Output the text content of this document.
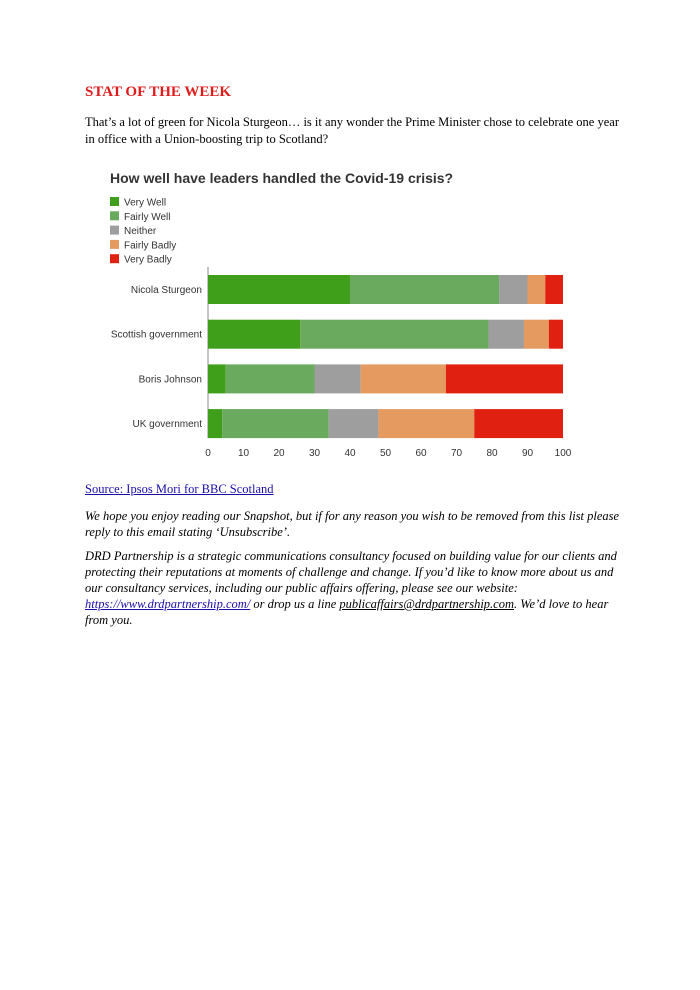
STAT OF THE WEEK

That’s a lot of green for Nicola Sturgeon… is it any wonder the Prime Minister chose to celebrate one year in office with a Union-boosting trip to Scotland?

How well have leaders handled the Covid-19 crisis?
Very Well
Fairly Well
Neither
Fairly Badly
Very Badly
Nicola Sturgeon
Scottish government
Boris Johnson
UK government
0	10 20 30 40 50 60 70 80 90 100
Source: Ipsos Mori for BBC Scotland

We hope you enjoy reading our Snapshot, but if for any reason you wish to be removed from this list please reply to this email stating ‘Unsubscribe’.

DRD Partnership is a strategic communications consultancy focused on building value for our clients and protecting their reputations at moments of challenge and change. If you’d like to know more about us and our consultancy services, including our public affairs offering, please see our website: https://www.drdpartnership.com/ or drop us a line publicaffairs@drdpartnership.com. We’d love to hear from you.
